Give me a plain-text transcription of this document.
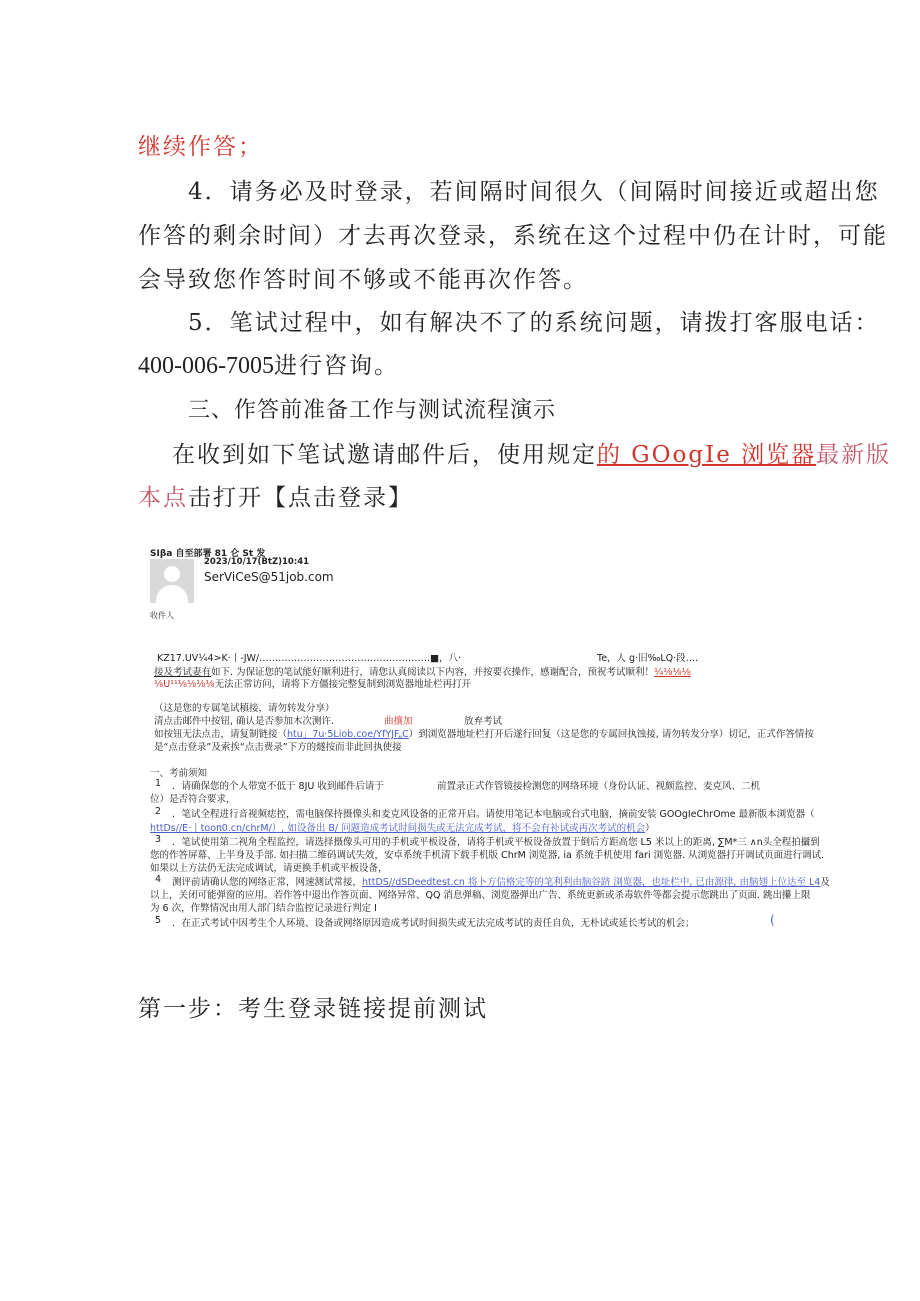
继续作答；
4．请务必及时登录，若间隔时间很久（间隔时间接近或超出您
作答的剩余时间）才去再次登录，系统在这个过程中仍在计时，可能
会导致您作答时间不够或不能再次作答。
5．笔试过程中，如有解决不了的系统问题，请拨打客服电话：
400-006-7005进行咨询。
三、作答前准备工作与测试流程演示
在收到如下笔试邀请邮件后，使用规定的 GOogIe 浏览器最新版
本点击打开【点击登录】
SIβa 自至部署 81 仑 St 发
2023/10/17(BtZ)10:41
SerViCeS@51job.com
收件人
KZ17.UV¼4>K·丨-JW/………………………………………………■，八·	Te，人 g·旧‰LQ·段…．
接及考试妻有如下. 为保证您的笔试能好顺利进行，请您认真阅读以下内容，并按要衣操作，感谢配合，预祝考试顺利！¼⅛⅛⅛
⅛U¹¹⅛⅛⅛⅛无法正常访问，请将下方僵接完整复制到浏览器地址栏再打开
（这是您的专属笔试稹接，请勿转发分享）
清点击邮件中按钮, 确认是否参加木次测许.	曲攘加	放弃考试
如按钮无法点击，请复制链接（htu」7u·5Liob.coe/YfYJF„C）到浏览器地址栏打开后遂行回复（这是您的专属回执蚀接, 请勿转发分享）切记，正式作答情按
是“点击登录”及索挨“点击费录”下方的燧按而非此回执使接
一、考前须知
1 ．请确保您的个人带宽不低于 8JU 收到邮件后请于	前置录正式作管镜接检测您的网络环境（身份认证、视颇监控、麦克风、二机
位）是否符合要求，
2 ．笔试全程进行音视频痣控，需电脑保持摄像头和麦克风设备的正常开启。请使用笔记本电脑或台式电脑，摘前安装 GOOgIeChrOme 最新版本浏览器（
httDs∕∕E·丨tooπ0.cn/chrM∕）, 如设备出 B/ 问题造成考试时间损失或无法完成考试，将不会有补试或再次考试的机会）
3 ．笔试使用第二视角全程监控，请选择摄像头可用的手机或平板设备，请将手机或平板设备放置于倒后方距高您 L5 米以上的距离, ∑M*三 ∧n头全程拍攝到
您的作答屏幕、上半身及手部. 如扫描二维码调试失效，安卓系统手机清下载手机版 ChrM 浏览器, ia 系统手机使用 fari 浏览器. 从浏览器打开调试页面进行调试.
如果以上方法仍无法完成调试，请更换手机或平板设备，
4 测评前请确认您的网络正常，网速测试常接，httDS∕∕dSDeedtest.cn 将卜方信格完等的笔利利由脑谷跻 浏览器，也址栏中, 已由源律, 由脑翅上位达至 L4及
以上，关闭可能弹窗的应用。若作答中退出作答页面、网络异常、QQ 消息弹稿、浏览器弹出广告、系统更新或杀毒软件等都会提示您跳出了页面. 跳出攥上限
为 6 次，作弊情况由用人部门结合监控记录进行判定 I
5 ．在正式考试中因考生个人环境、设备或网络原因造成考试时间损失或无法完成考试的责任自负，无朴试或延长考试的机会；	(
第一步：考生登录链接提前测试
